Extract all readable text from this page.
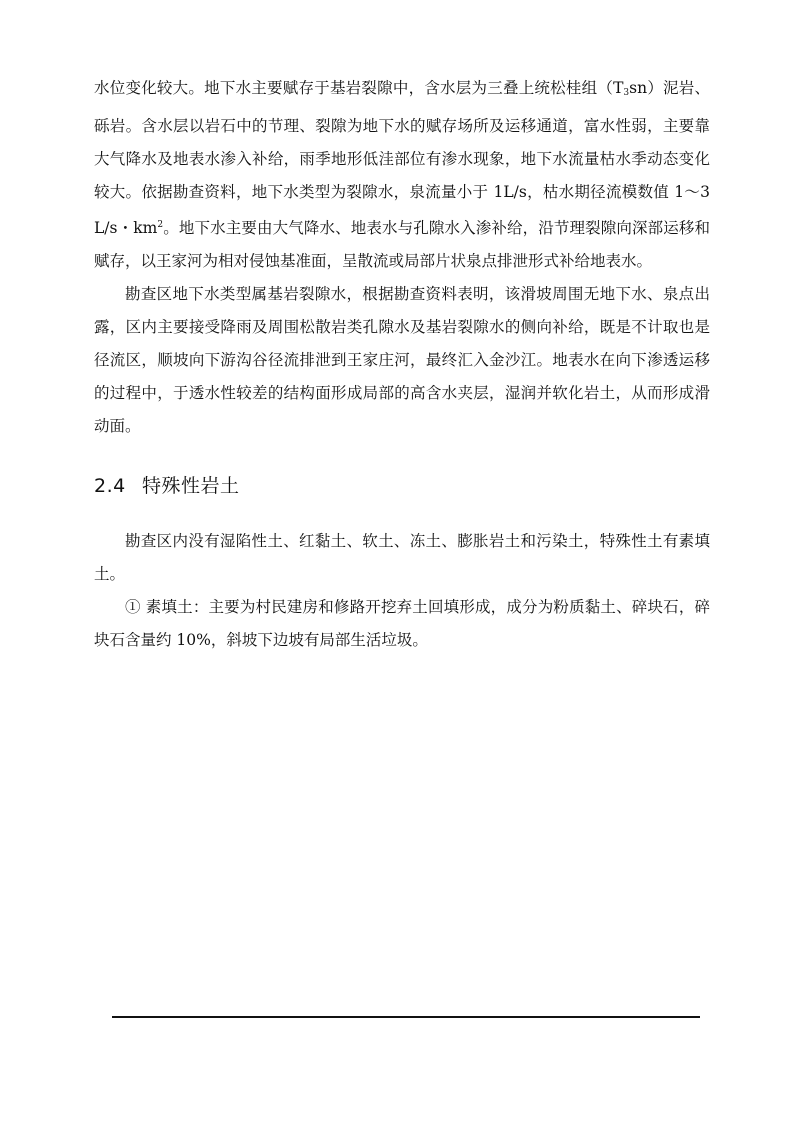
水位变化较大。地下水主要赋存于基岩裂隙中，含水层为三叠上统松桂组$(T_3sn)$泥岩、砾岩。含水层以岩石中的节理、裂隙为地下水的赋存场所及运移通道，富水性弱，主要靠大气降水及地表水渗入补给，雨季地形低洼部位有渗水现象，地下水流量枯水季动态变化较大。依据勘查资料，地下水类型为裂隙水，泉流量小于 1L/s，枯水期径流模数值 1～3L/s・$km^2$。地下水主要由大气降水、地表水与孔隙水入渗补给，沿节理裂隙向深部运移和赋存，以王家河为相对侵蚀基准面，呈散流或局部片状泉点排泄形式补给地表水。

勘查区地下水类型属基岩裂隙水，根据勘查资料表明，该滑坡周围无地下水、泉点出露，区内主要接受降雨及周围松散岩类孔隙水及基岩裂隙水的侧向补给，既是不计取也是径流区，顺坡向下游沟谷径流排泄到王家庄河，最终汇入金沙江。地表水在向下渗透运移的过程中，于透水性较差的结构面形成局部的高含水夹层，湿润并软化岩土，从而形成滑动面。

2.4 特殊性岩土

勘查区内没有湿陷性土、红黏土、软土、冻土、膨胀岩土和污染土，特殊性土有素填土。

① 素填土：主要为村民建房和修路开挖弃土回填形成，成分为粉质黏土、碎块石，碎块石含量约 10%，斜坡下边坡有局部生活垃圾。
